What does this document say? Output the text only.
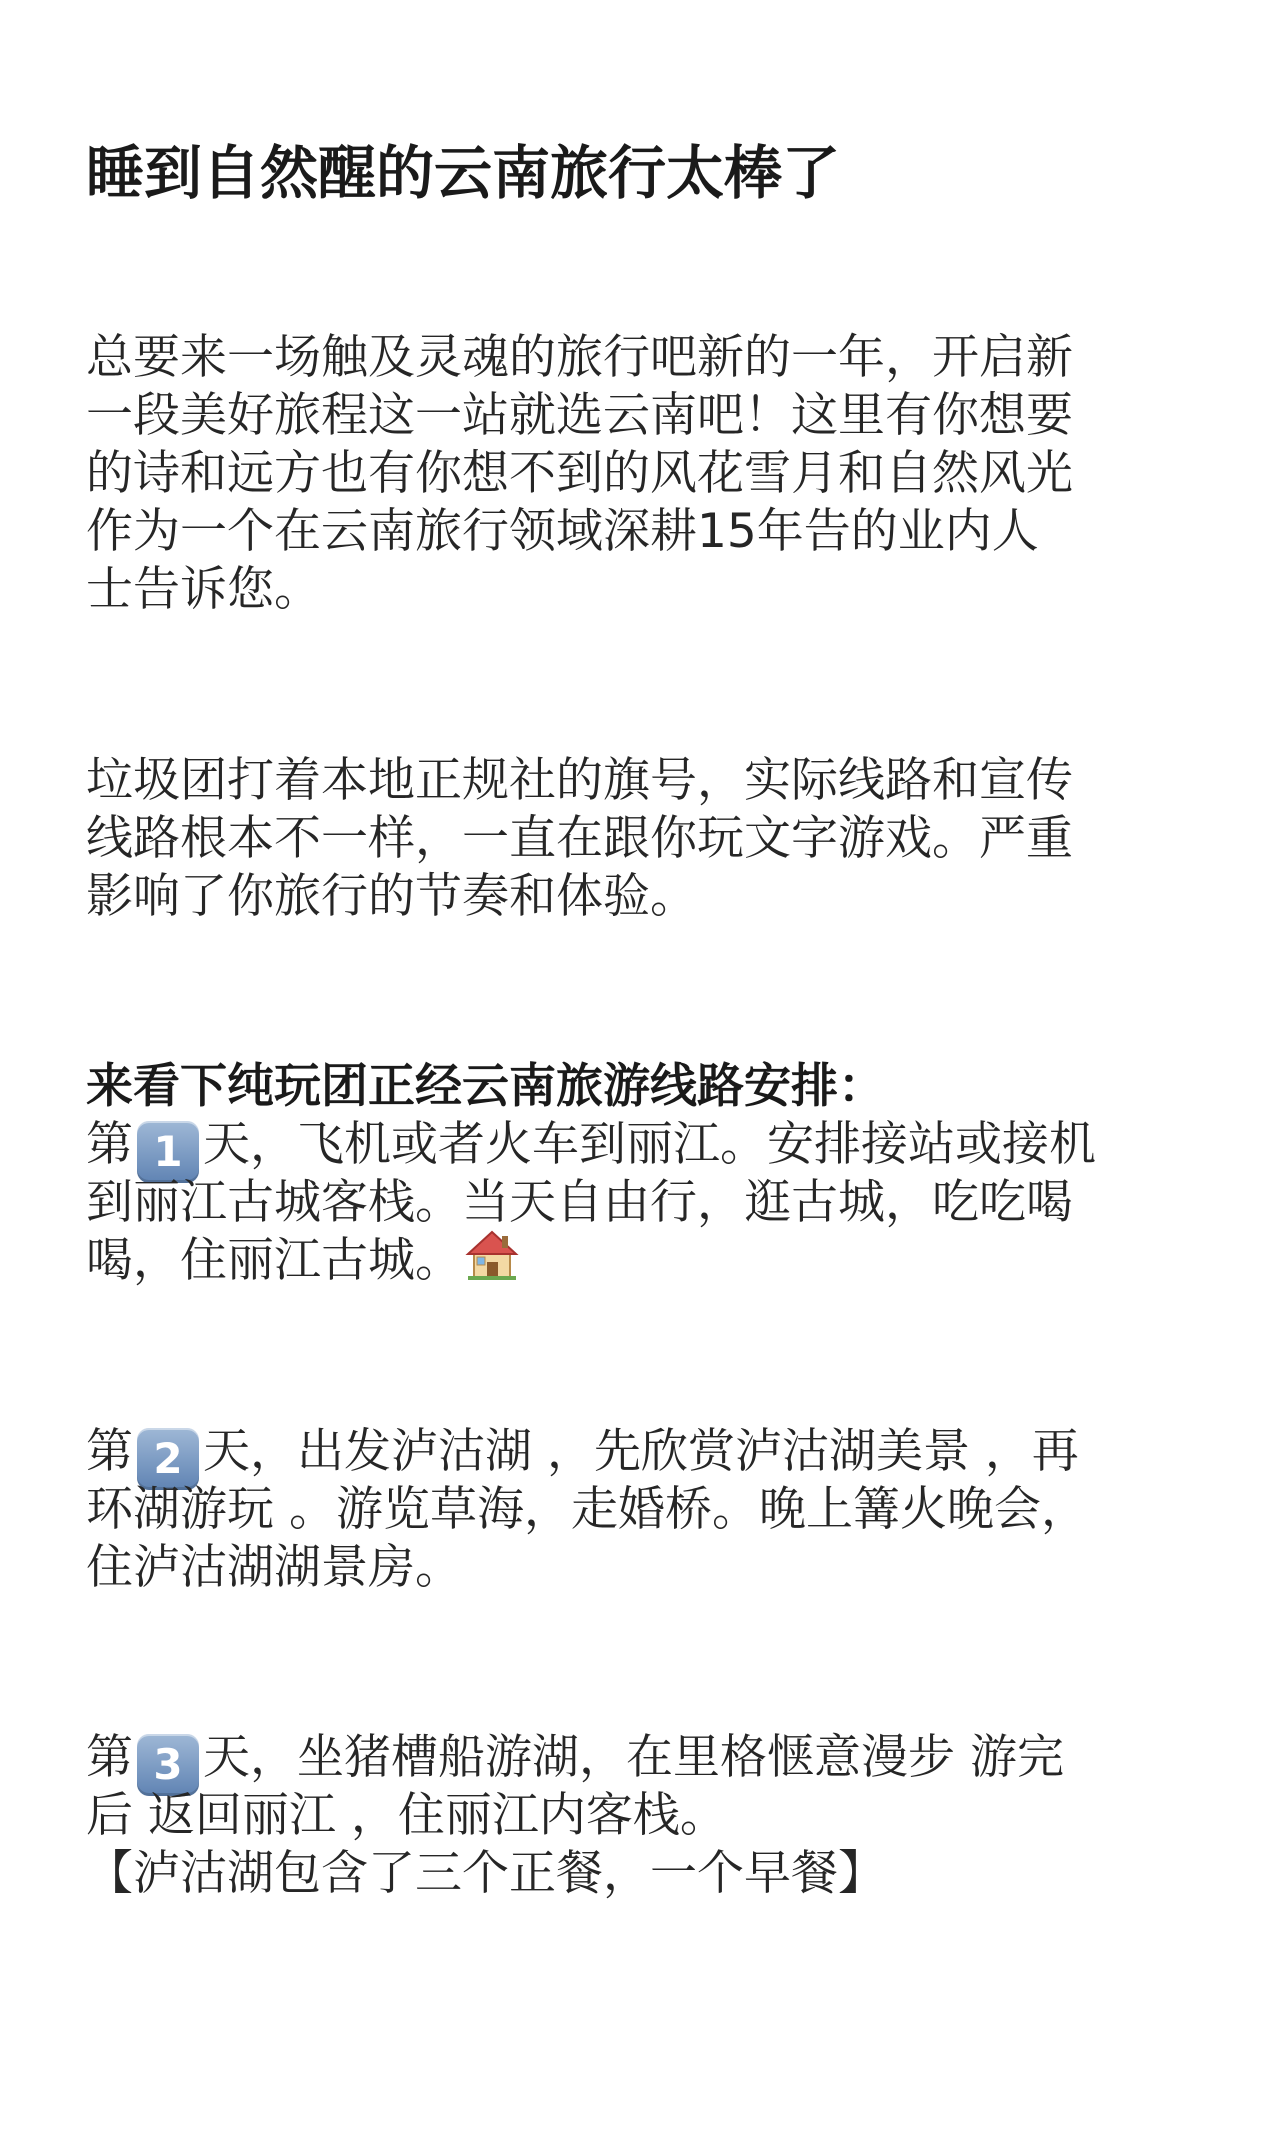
睡到自然醒的云南旅行太棒了
总要来一场触及灵魂的旅行吧新的一年，开启新
一段美好旅程这一站就选云南吧！这里有你想要
的诗和远方也有你想不到的风花雪月和自然风光
作为一个在云南旅行领域深耕15年告的业内人
士告诉您。
垃圾团打着本地正规社的旗号，实际线路和宣传
线路根本不一样，一直在跟你玩文字游戏。严重
影响了你旅行的节奏和体验。
来看下纯玩团正经云南旅游线路安排：
第 1 天，飞机或者火车到丽江。安排接站或接机
到丽江古城客栈。当天自由行，逛古城，吃吃喝
喝，住丽江古城。
第 2 天，出发泸沽湖 ，先欣赏泸沽湖美景 ，再
环湖游玩 。游览草海，走婚桥。晚上篝火晚会，
住泸沽湖湖景房。
第 3 天，坐猪槽船游湖，在里格惬意漫步 游完
后 返回丽江 ，住丽江内客栈。
【泸沽湖包含了三个正餐，一个早餐】
